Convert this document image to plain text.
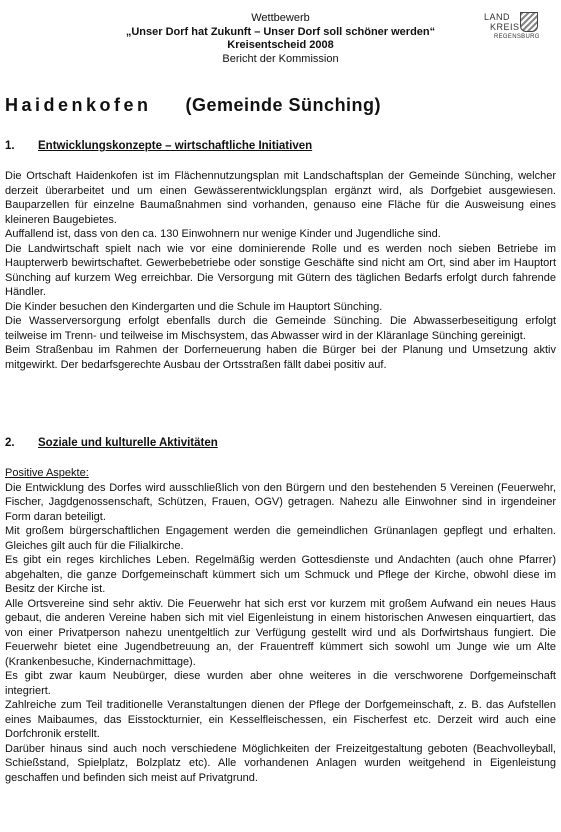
Wettbewerb
„Unser Dorf hat Zukunft – Unser Dorf soll schöner werden“
Kreisentscheid 2008
Bericht der Kommission
LAND
KREIS
REGENSBURG
Haidenkofen (Gemeinde Sünching)
1. Entwicklungskonzepte – wirtschaftliche Initiativen

Die Ortschaft Haidenkofen ist im Flächennutzungsplan mit Landschaftsplan der Gemeinde Sünching, welcher derzeit überarbeitet und um einen Gewässerentwicklungsplan ergänzt wird, als Dorfgebiet ausgewiesen. Bauparzellen für einzelne Baumaßnahmen sind vorhanden, genauso eine Fläche für die Ausweisung eines kleineren Baugebietes.

Auffallend ist, dass von den ca. 130 Einwohnern nur wenige Kinder und Jugendliche sind.

Die Landwirtschaft spielt nach wie vor eine dominierende Rolle und es werden noch sieben Betriebe im Haupterwerb bewirtschaftet. Gewerbebetriebe oder sonstige Geschäfte sind nicht am Ort, sind aber im Hauptort Sünching auf kurzem Weg erreichbar. Die Versorgung mit Gütern des täglichen Bedarfs erfolgt durch fahrende Händler.

Die Kinder besuchen den Kindergarten und die Schule im Hauptort Sünching.

Die Wasserversorgung erfolgt ebenfalls durch die Gemeinde Sünching. Die Abwasserbeseitigung erfolgt teilweise im Trenn- und teilweise im Mischsystem, das Abwasser wird in der Kläranlage Sünching gereinigt.

Beim Straßenbau im Rahmen der Dorferneuerung haben die Bürger bei der Planung und Umsetzung aktiv mitgewirkt. Der bedarfsgerechte Ausbau der Ortsstraßen fällt dabei positiv auf.

2. Soziale und kulturelle Aktivitäten

Positive Aspekte:

Die Entwicklung des Dorfes wird ausschließlich von den Bürgern und den bestehenden 5 Vereinen (Feuerwehr, Fischer, Jagdgenossenschaft, Schützen, Frauen, OGV) getragen. Nahezu alle Einwohner sind in irgendeiner Form daran beteiligt.

Mit großem bürgerschaftlichen Engagement werden die gemeindlichen Grünanlagen gepflegt und erhalten. Gleiches gilt auch für die Filialkirche.

Es gibt ein reges kirchliches Leben. Regelmäßig werden Gottesdienste und Andachten (auch ohne Pfarrer) abgehalten, die ganze Dorfgemeinschaft kümmert sich um Schmuck und Pflege der Kirche, obwohl diese im Besitz der Kirche ist.

Alle Ortsvereine sind sehr aktiv. Die Feuerwehr hat sich erst vor kurzem mit großem Aufwand ein neues Haus gebaut, die anderen Vereine haben sich mit viel Eigenleistung in einem historischen Anwesen einquartiert, das von einer Privatperson nahezu unentgeltlich zur Verfügung gestellt wird und als Dorfwirtshaus fungiert. Die Feuerwehr bietet eine Jugendbetreuung an, der Frauentreff kümmert sich sowohl um Junge wie um Alte (Krankenbesuche, Kindernachmittage).

Es gibt zwar kaum Neubürger, diese wurden aber ohne weiteres in die verschworene Dorfgemeinschaft integriert.

Zahlreiche zum Teil traditionelle Veranstaltungen dienen der Pflege der Dorfgemeinschaft, z. B. das Aufstellen eines Maibaumes, das Eisstockturnier, ein Kesselfleischessen, ein Fischerfest etc. Derzeit wird auch eine Dorfchronik erstellt.

Darüber hinaus sind auch noch verschiedene Möglichkeiten der Freizeitgestaltung geboten (Beachvolleyball, Schießstand, Spielplatz, Bolzplatz etc). Alle vorhandenen Anlagen wurden weitgehend in Eigenleistung geschaffen und befinden sich meist auf Privatgrund.
